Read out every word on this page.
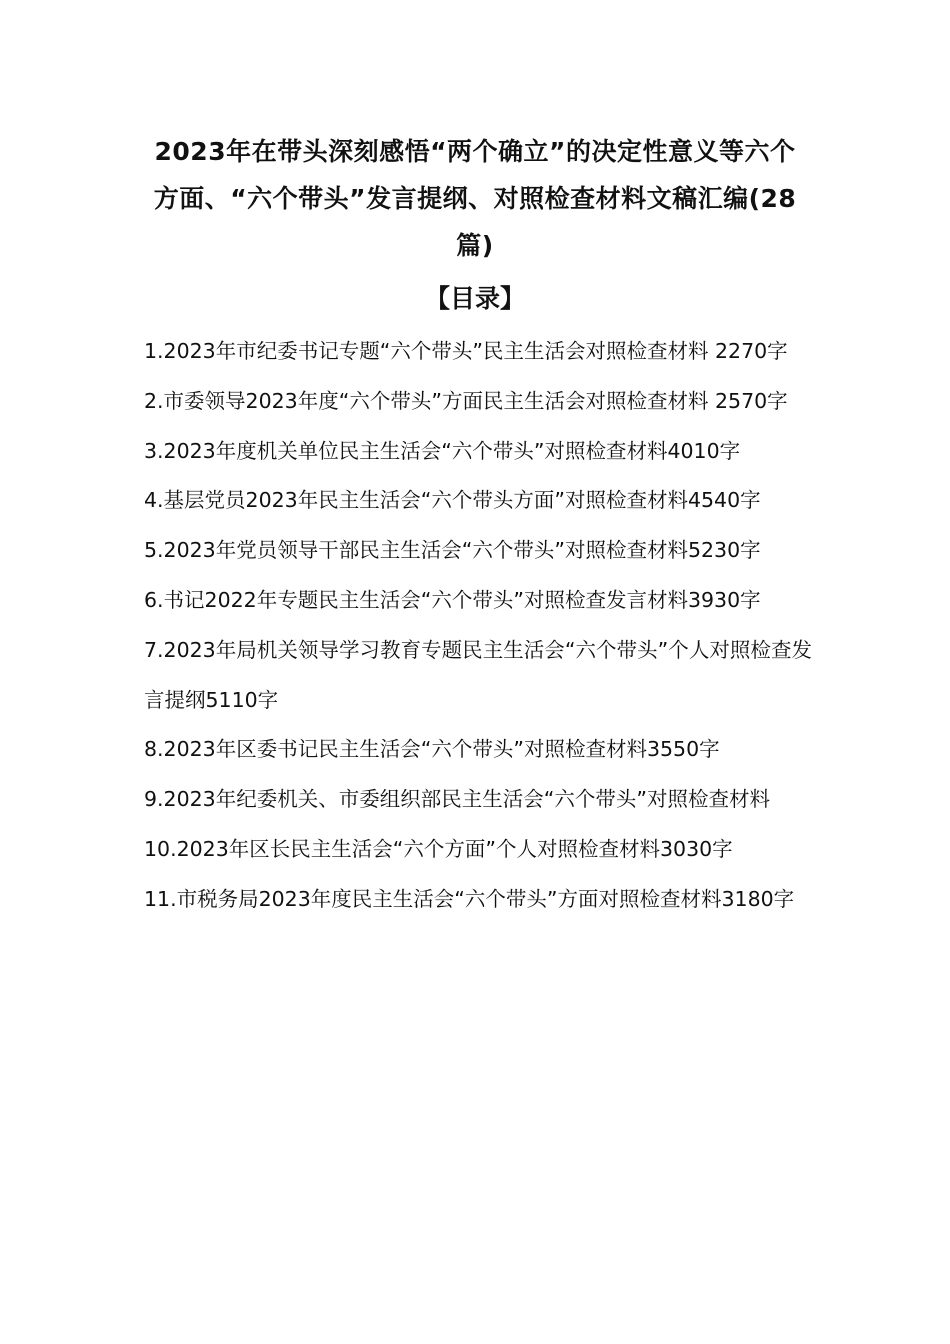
2023年在带头深刻感悟“两个确立”的决定性意义等六个
方面、“六个带头”发言提纲、对照检查材料文稿汇编(28
篇)
【目录】
1.2023年市纪委书记专题“六个带头”民主生活会对照检查材料 2270字
2.市委领导2023年度“六个带头”方面民主生活会对照检查材料 2570字
3.2023年度机关单位民主生活会“六个带头”对照检查材料4010字
4.基层党员2023年民主生活会“六个带头方面”对照检查材料4540字
5.2023年党员领导干部民主生活会“六个带头”对照检查材料5230字
6.书记2022年专题民主生活会“六个带头”对照检查发言材料3930字
7.2023年局机关领导学习教育专题民主生活会“六个带头”个人对照检查发言提纲5110字
8.2023年区委书记民主生活会“六个带头”对照检查材料3550字
9.2023年纪委机关、市委组织部民主生活会“六个带头”对照检查材料
10.2023年区长民主生活会“六个方面”个人对照检查材料3030字
11.市税务局2023年度民主生活会“六个带头”方面对照检查材料3180字
